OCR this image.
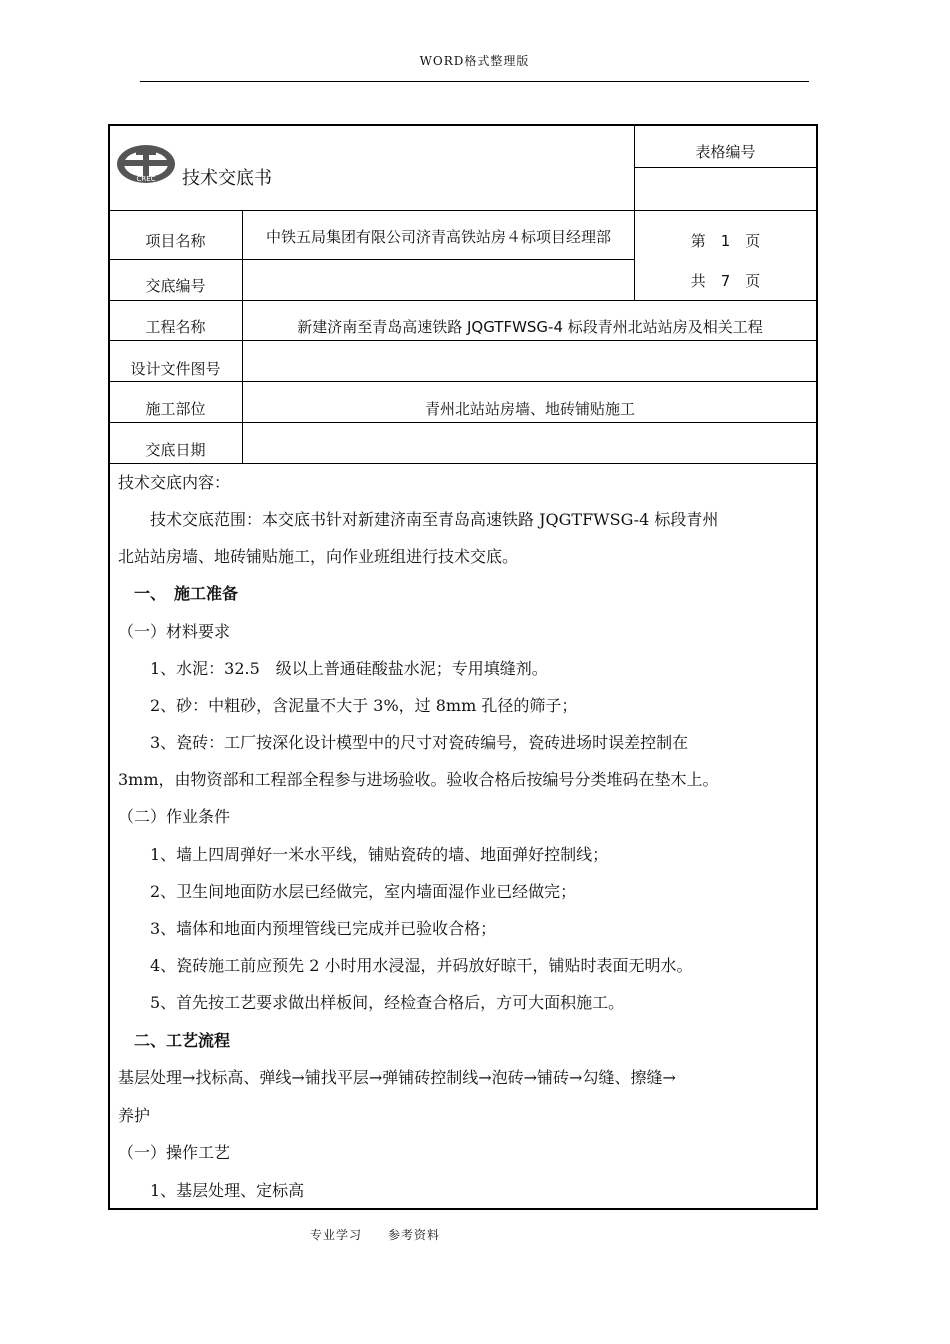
WORD格式整理版
CREC 技术交底书
表格编号
项目名称	中铁五局集团有限公司济青高铁站房４标项目经理部
交底编号
第　1　页
共　7　页
工程名称	新建济南至青岛高速铁路 JQGTFWSG-4 标段青州北站站房及相关工程
设计文件图号
施工部位	青州北站站房墙、地砖铺贴施工
交底日期
技术交底内容：
　　技术交底范围：本交底书针对新建济南至青岛高速铁路 JQGTFWSG-4 标段青州
北站站房墙、地砖铺贴施工，向作业班组进行技术交底。
　一、　施工准备
（一）材料要求
　　1、水泥：32.5　级以上普通硅酸盐水泥；专用填缝剂。
　　2、砂：中粗砂，含泥量不大于 3%，过 8mm 孔径的筛子；
　　3、瓷砖：工厂按深化设计模型中的尺寸对瓷砖编号，瓷砖进场时误差控制在
3mm，由物资部和工程部全程参与进场验收。验收合格后按编号分类堆码在垫木上。
（二）作业条件
　　1、墙上四周弹好一米水平线，铺贴瓷砖的墙、地面弹好控制线；
　　2、卫生间地面防水层已经做完，室内墙面湿作业已经做完；
　　3、墙体和地面内预埋管线已完成并已验收合格；
　　4、瓷砖施工前应预先 2 小时用水浸湿，并码放好晾干，铺贴时表面无明水。
　　5、首先按工艺要求做出样板间，经检查合格后，方可大面积施工。
　二、工艺流程
基层处理→找标高、弹线→铺找平层→弹铺砖控制线→泡砖→铺砖→勾缝、擦缝→
养护
（一）操作工艺
　　1、基层处理、定标高
专业学习　　参考资料
